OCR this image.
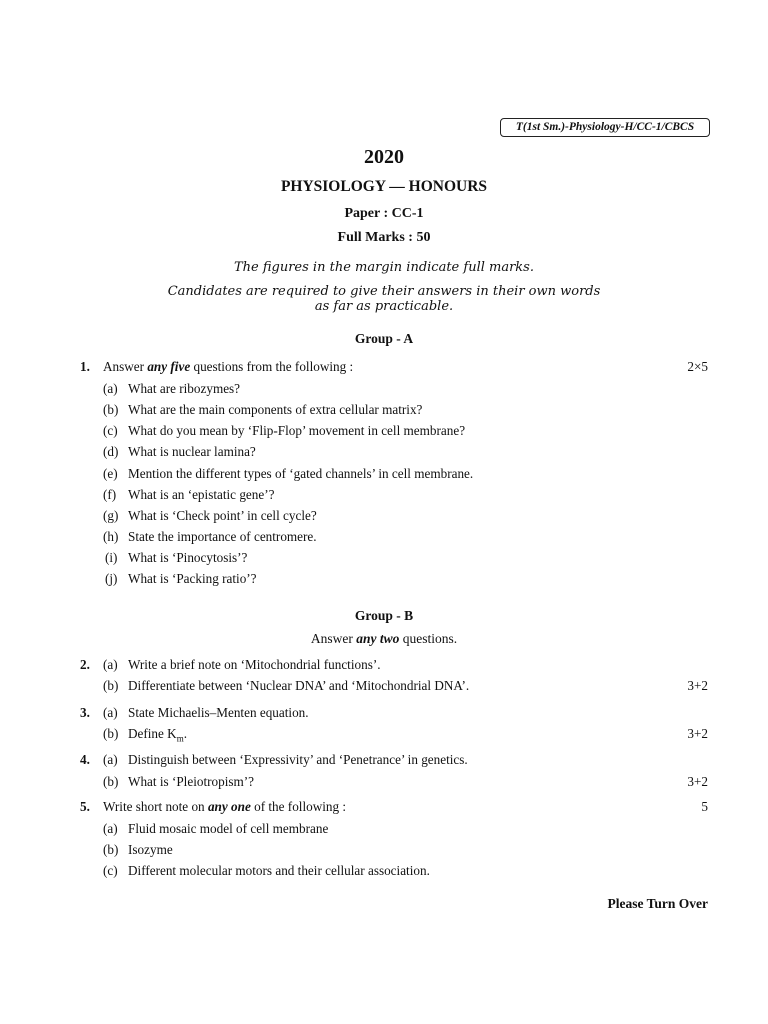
T(1st Sm.)-Physiology-H/CC-1/CBCS
2020
PHYSIOLOGY — HONOURS
Paper : CC-1
Full Marks : 50
The figures in the margin indicate full marks.
Candidates are required to give their answers in their own words
as far as practicable.
Group - A
1. Answer any five questions from the following :	2×5
(a) What are ribozymes?
(b) What are the main components of extra cellular matrix?
(c) What do you mean by ‘Flip-Flop’ movement in cell membrane?
(d) What is nuclear lamina?
(e) Mention the different types of ‘gated channels’ in cell membrane.
(f) What is an ‘epistatic gene’?
(g) What is ‘Check point’ in cell cycle?
(h) State the importance of centromere.
(i) What is ‘Pinocytosis’?
(j) What is ‘Packing ratio’?
Group - B
Answer any two questions.
2. (a) Write a brief note on ‘Mitochondrial functions’.
(b) Differentiate between ‘Nuclear DNA’ and ‘Mitochondrial DNA’.	3+2
3. (a) State Michaelis–Menten equation.
(b) Define $K_m$.	3+2
4. (a) Distinguish between ‘Expressivity’ and ‘Penetrance’ in genetics.
(b) What is ‘Pleiotropism’?	3+2
5. Write short note on any one of the following :	5
(a) Fluid mosaic model of cell membrane
(b) Isozyme
(c) Different molecular motors and their cellular association.
Please Turn Over
